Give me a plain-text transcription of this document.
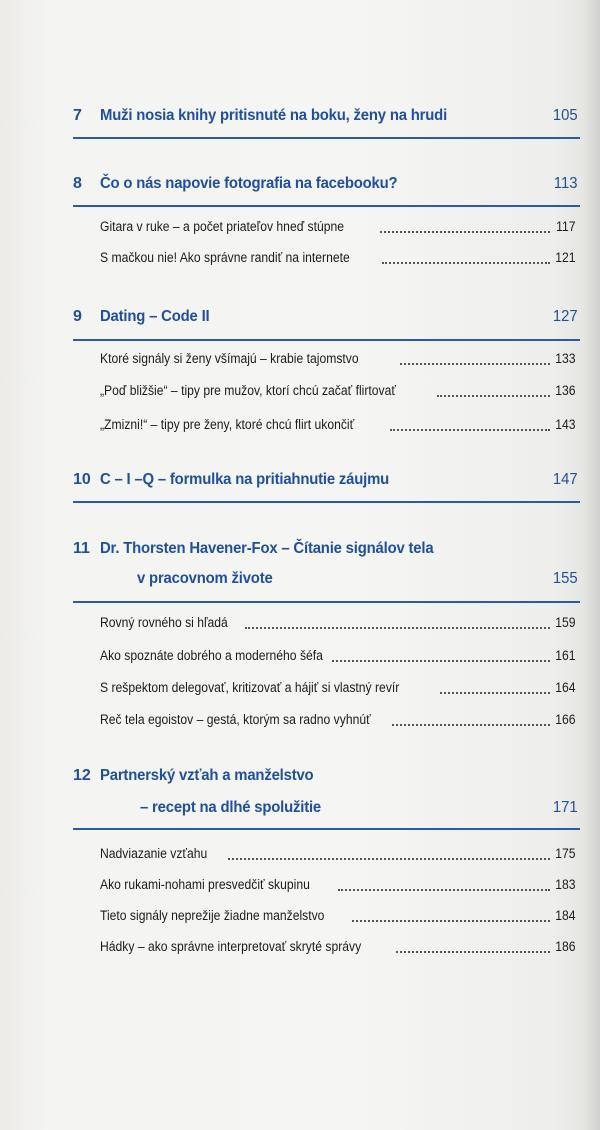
7 Muži nosia knihy pritisnuté na boku, ženy na hrudi	105
8 Čo o nás napovie fotografia na facebooku?	113
Gitara v ruke – a počet priateľov hneď stúpne	117
S mačkou nie! Ako správne randiť na internete	121
9 Dating – Code II	127
Ktoré signály si ženy všímajú – krabie tajomstvo	133
„Poď bližšie“ – tipy pre mužov, ktorí chcú začať flirtovať	136
„Zmizni!“ – tipy pre ženy, ktoré chcú flirt ukončiť	143
10 C – I –Q – formulka na pritiahnutie záujmu	147
11 Dr. Thorsten Havener-Fox – Čítanie signálov tela
v pracovnom živote	155
Rovný rovného si hľadá	159
Ako spoznáte dobrého a moderného šéfa	161
S rešpektom delegovať, kritizovať a hájiť si vlastný revír	164
Reč tela egoistov – gestá, ktorým sa radno vyhnúť	166
12 Partnerský vzťah a manželstvo
– recept na dlhé spolužitie	171
Nadviazanie vzťahu	175
Ako rukami-nohami presvedčiť skupinu	183
Tieto signály neprežije žiadne manželstvo	184
Hádky – ako správne interpretovať skryté správy	186
